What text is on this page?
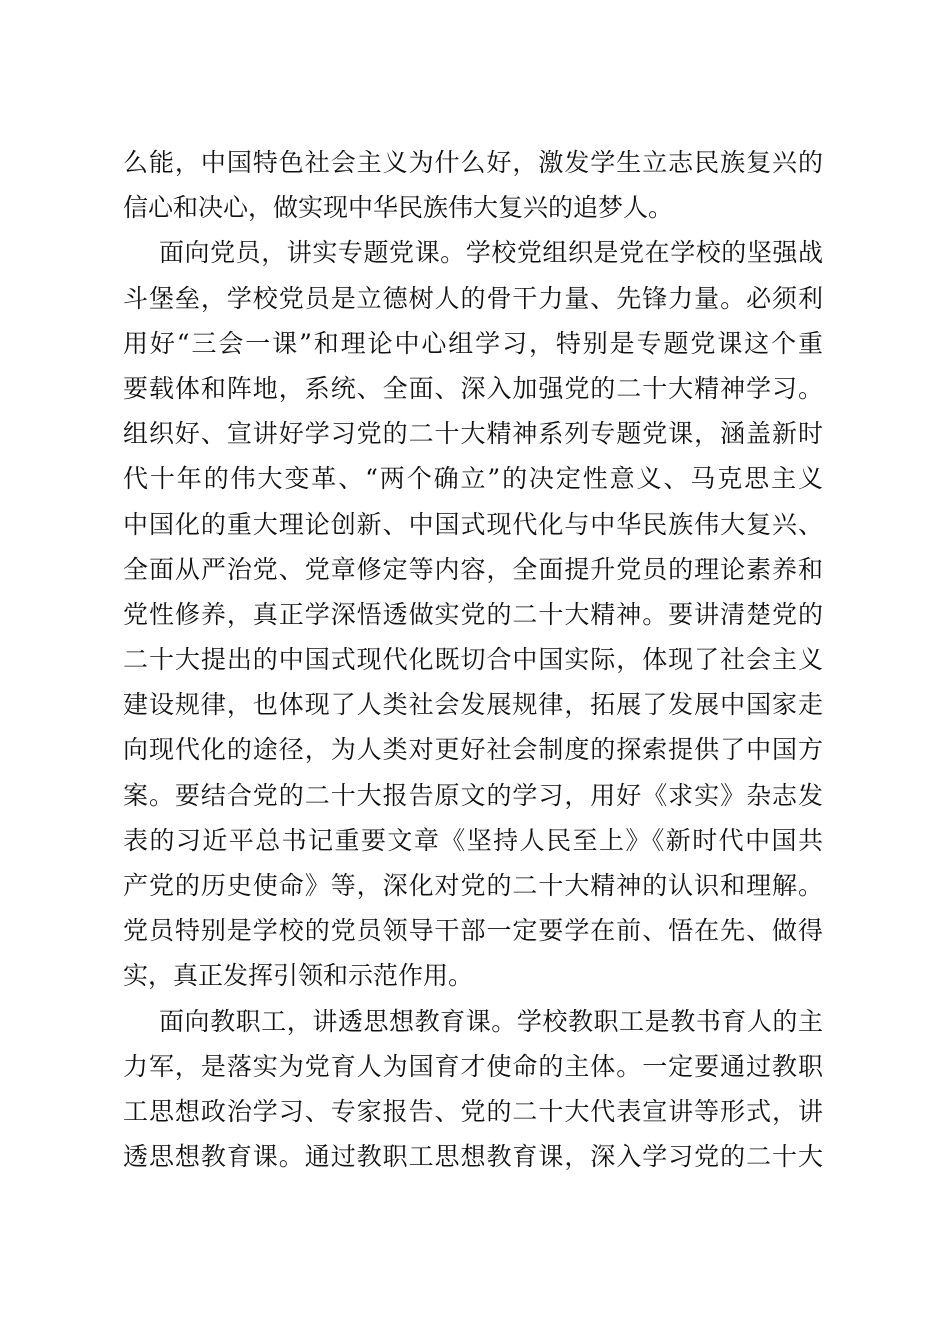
么能，中国特色社会主义为什么好，激发学生立志民族复兴的
信心和决心，做实现中华民族伟大复兴的追梦人。
面向党员，讲实专题党课。学校党组织是党在学校的坚强战
斗堡垒，学校党员是立德树人的骨干力量、先锋力量。必须利
用好“三会一课”和理论中心组学习，特别是专题党课这个重
要载体和阵地，系统、全面、深入加强党的二十大精神学习。
组织好、宣讲好学习党的二十大精神系列专题党课，涵盖新时
代十年的伟大变革、“两个确立”的决定性意义、马克思主义
中国化的重大理论创新、中国式现代化与中华民族伟大复兴、
全面从严治党、党章修定等内容，全面提升党员的理论素养和
党性修养，真正学深悟透做实党的二十大精神。要讲清楚党的
二十大提出的中国式现代化既切合中国实际，体现了社会主义
建设规律，也体现了人类社会发展规律，拓展了发展中国家走
向现代化的途径，为人类对更好社会制度的探索提供了中国方
案。要结合党的二十大报告原文的学习，用好《求实》杂志发
表的习近平总书记重要文章《坚持人民至上》《新时代中国共
产党的历史使命》等，深化对党的二十大精神的认识和理解。
党员特别是学校的党员领导干部一定要学在前、悟在先、做得
实，真正发挥引领和示范作用。
面向教职工，讲透思想教育课。学校教职工是教书育人的主
力军，是落实为党育人为国育才使命的主体。一定要通过教职
工思想政治学习、专家报告、党的二十大代表宣讲等形式，讲
透思想教育课。通过教职工思想教育课，深入学习党的二十大
